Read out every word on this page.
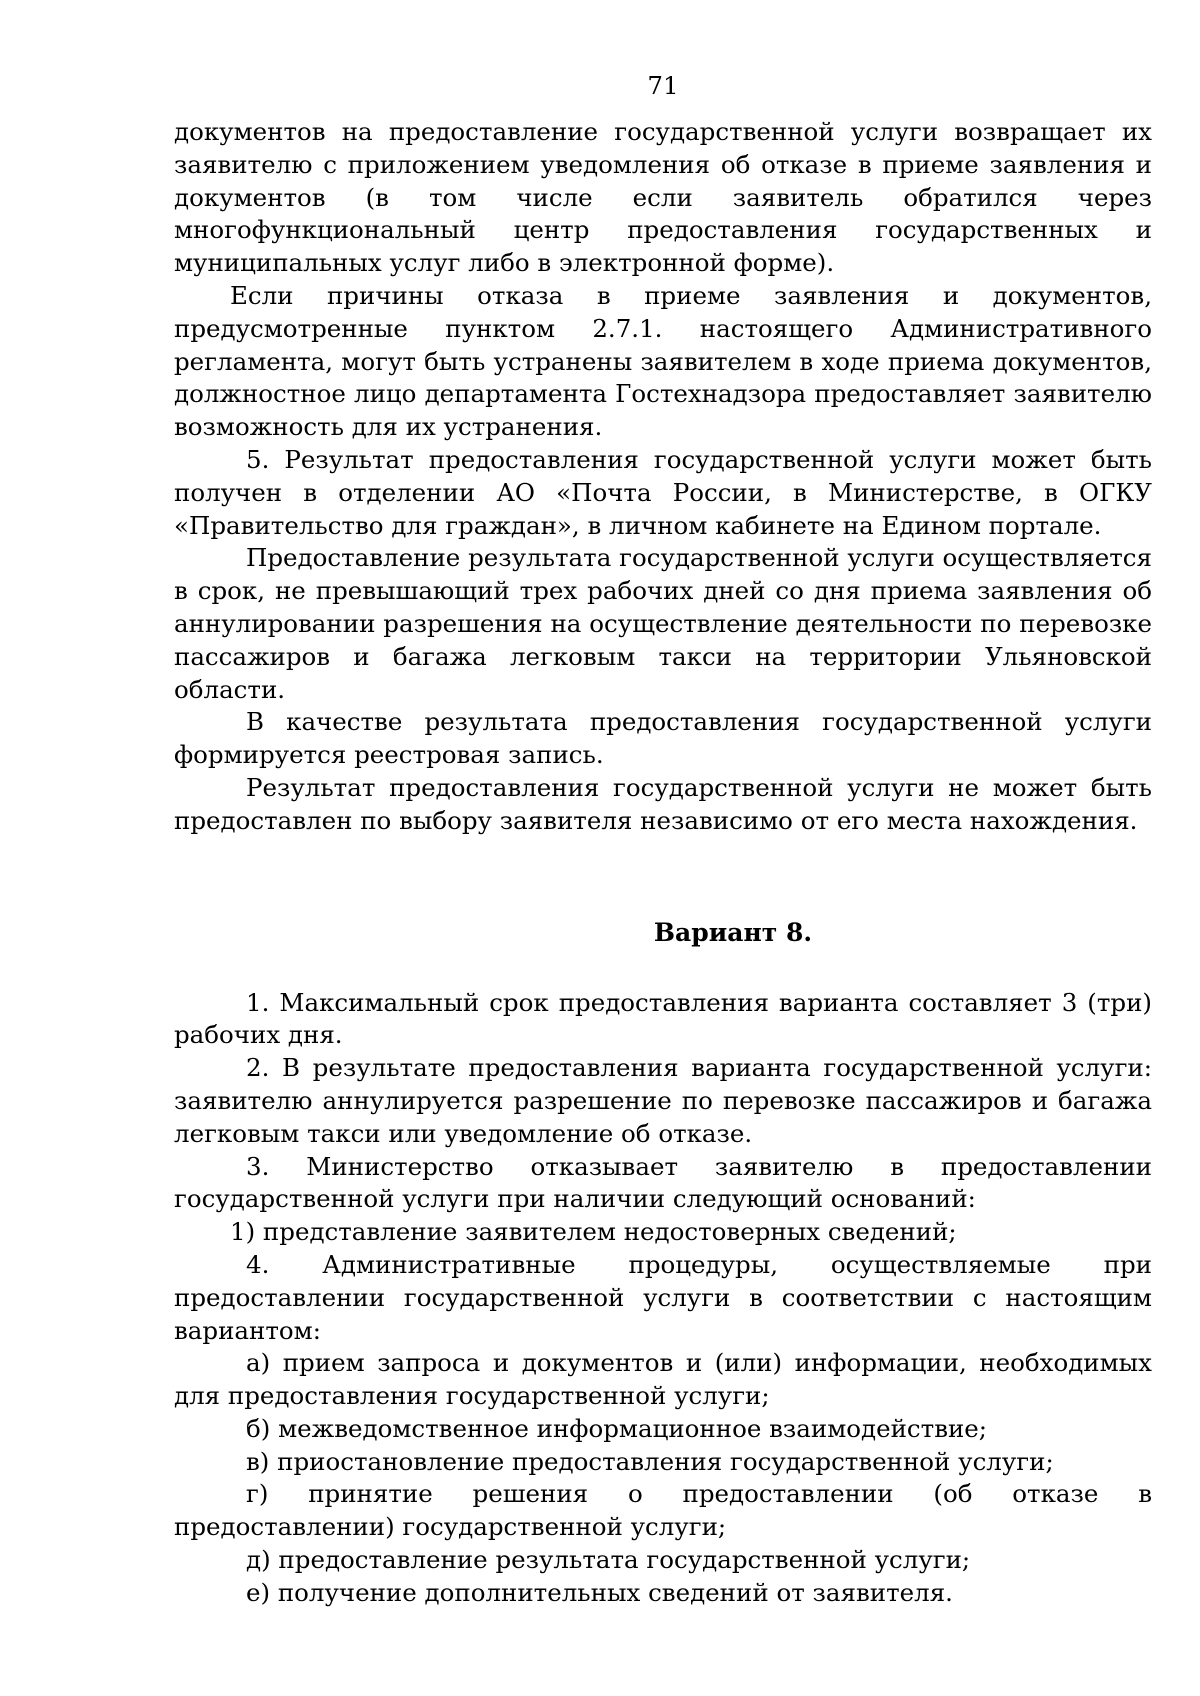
71

документов на предоставление государственной услуги возвращает их заявителю с приложением уведомления об отказе в приеме заявления и документов (в том числе если заявитель обратился через многофункциональный центр предоставления государственных и муниципальных услуг либо в электронной форме).

Если причины отказа в приеме заявления и документов, предусмотренные пунктом 2.7.1. настоящего Административного регламента, могут быть устранены заявителем в ходе приема документов, должностное лицо департамента Гостехнадзора предоставляет заявителю возможность для их устранения.

5. Результат предоставления государственной услуги может быть получен в отделении АО «Почта России, в Министерстве, в ОГКУ «Правительство для граждан», в личном кабинете на Едином портале.

Предоставление результата государственной услуги осуществляется в срок, не превышающий трех рабочих дней со дня приема заявления об аннулировании разрешения на осуществление деятельности по перевозке пассажиров и багажа легковым такси на территории Ульяновской области.

В качестве результата предоставления государственной услуги формируется реестровая запись.

Результат предоставления государственной услуги не может быть предоставлен по выбору заявителя независимо от его места нахождения.

Вариант 8.

1. Максимальный срок предоставления варианта составляет 3 (три) рабочих дня.

2. В результате предоставления варианта государственной услуги: заявителю аннулируется разрешение по перевозке пассажиров и багажа легковым такси или уведомление об отказе.

3. Министерство отказывает заявителю в предоставлении государственной услуги при наличии следующий оснований:

1) представление заявителем недостоверных сведений;

4. Административные процедуры, осуществляемые при предоставлении государственной услуги в соответствии с настоящим вариантом:

а) прием запроса и документов и (или) информации, необходимых для предоставления государственной услуги;

б) межведомственное информационное взаимодействие;

в) приостановление предоставления государственной услуги;

г) принятие решения о предоставлении (об отказе в предоставлении) государственной услуги;

д) предоставление результата государственной услуги;

е) получение дополнительных сведений от заявителя.
